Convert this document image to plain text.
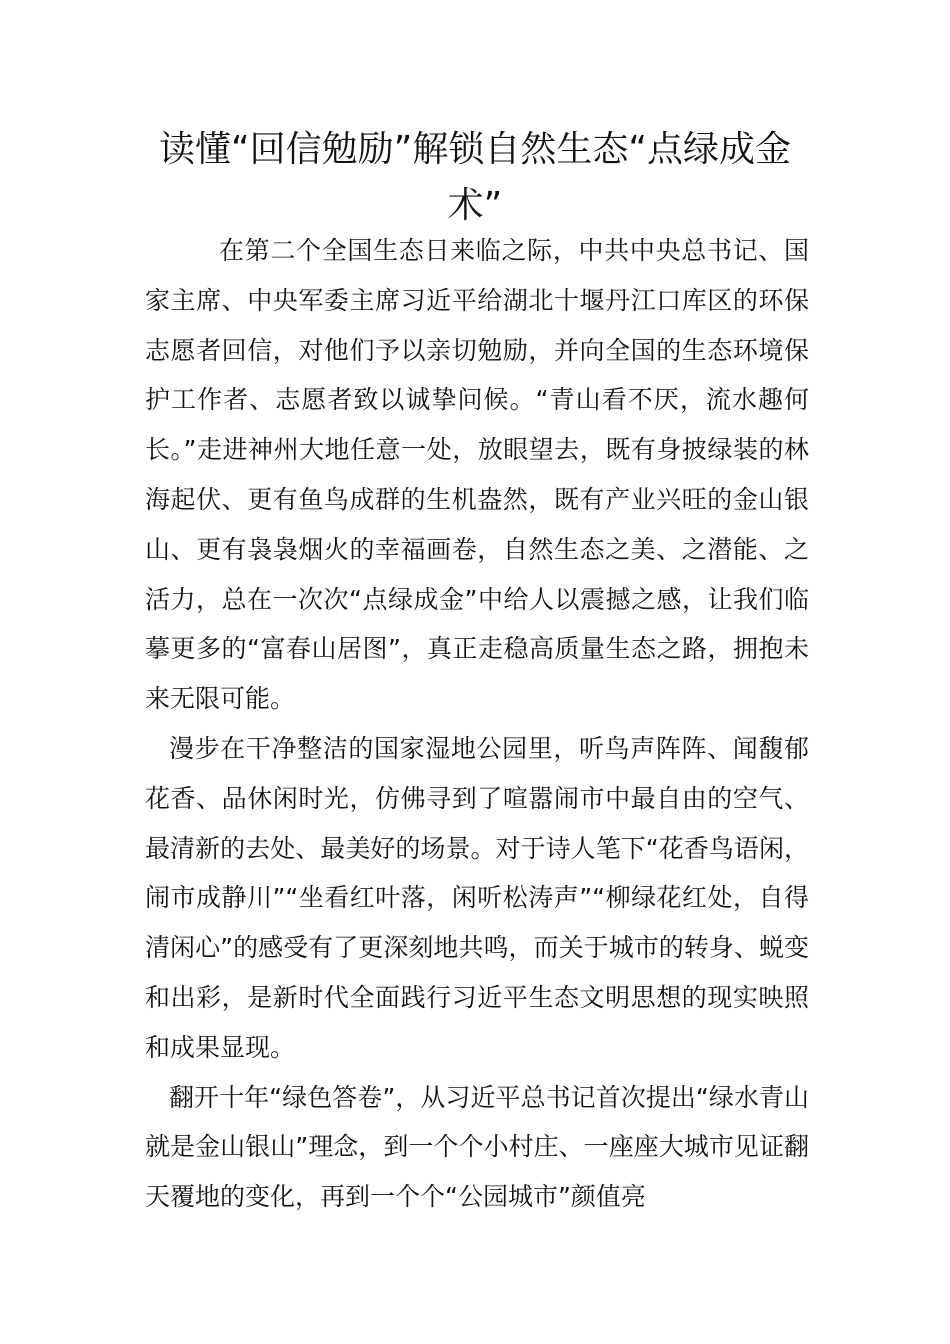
读懂“回信勉励”解锁自然生态“点绿成金术”

在第二个全国生态日来临之际，中共中央总书记、国家主席、中央军委主席习近平给湖北十堰丹江口库区的环保志愿者回信，对他们予以亲切勉励，并向全国的生态环境保护工作者、志愿者致以诚挚问候。“青山看不厌，流水趣何长。”走进神州大地任意一处，放眼望去，既有身披绿装的林海起伏、更有鱼鸟成群的生机盎然，既有产业兴旺的金山银山、更有袅袅烟火的幸福画卷，自然生态之美、之潜能、之活力，总在一次次“点绿成金”中给人以震撼之感，让我们临摹更多的“富春山居图”，真正走稳高质量生态之路，拥抱未来无限可能。

漫步在干净整洁的国家湿地公园里，听鸟声阵阵、闻馥郁花香、品休闲时光，仿佛寻到了喧嚣闹市中最自由的空气、最清新的去处、最美好的场景。对于诗人笔下“花香鸟语闲，闹市成静川”“坐看红叶落，闲听松涛声”“柳绿花红处，自得清闲心”的感受有了更深刻地共鸣，而关于城市的转身、蜕变和出彩，是新时代全面践行习近平生态文明思想的现实映照和成果显现。

翻开十年“绿色答卷”，从习近平总书记首次提出“绿水青山就是金山银山”理念，到一个个小村庄、一座座大城市见证翻天覆地的变化，再到一个个“公园城市”颜值亮
